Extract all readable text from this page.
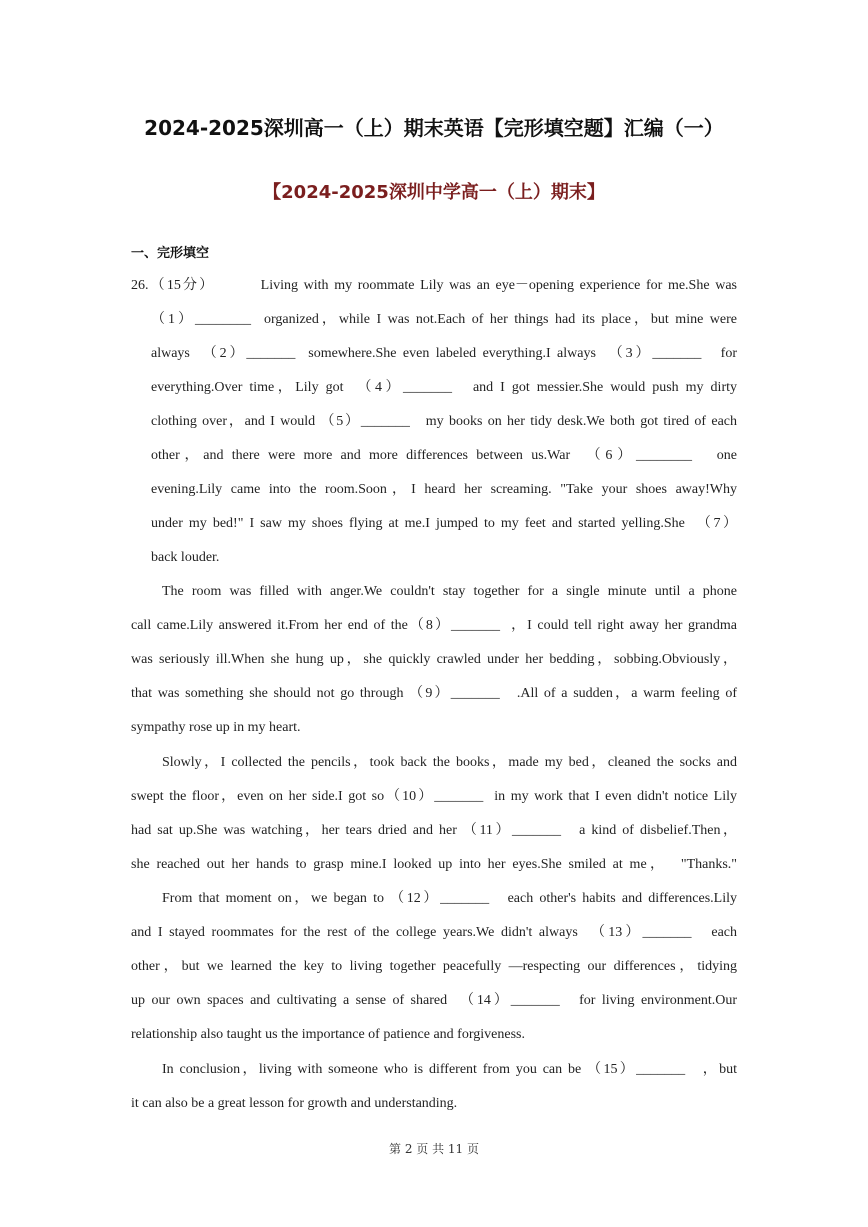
2024-2025深圳高一（上）期末英语【完形填空题】汇编（一）
【2024-2025深圳中学高一（上）期末】
一、完形填空
26.（15分）        Living with my roommate Lily was an eye－opening experience for me.She was
（1）________  organized，while I was not.Each of her things had its place，but mine were
always  （2）_______  somewhere.She even labeled everything.I always  （3）_______   for
everything.Over time，Lily got  （4）_______   and I got messier.She would push my dirty
clothing over，and I would （5）_______   my books on her tidy desk.We both got tired of each
other，and there were more and more differences between us.War  （6）________   one
evening.Lily came into the room.Soon，I heard her screaming. "Take your shoes away!Why
under my bed!" I saw my shoes flying at me.I jumped to my feet and started yelling.She  （7）
back louder.
The room was filled with anger.We couldn't stay together for a single minute until a phone
call came.Lily answered it.From her end of the（8）_______  ，I could tell right away her grandma
was seriously ill.When she hung up，she quickly crawled under her bedding，sobbing.Obviously，
that was something she should not go through （9）_______   .All of a sudden，a warm feeling of
sympathy rose up in my heart.
Slowly，I collected the pencils，took back the books，made my bed，cleaned the socks and
swept the floor，even on her side.I got so（10）_______  in my work that I even didn't notice Lily
had sat up.She was watching，her tears dried and her （11）_______   a kind of disbelief.Then，
she reached out her hands to grasp mine.I looked up into her eyes.She smiled at me，  "Thanks."
From that moment on，we began to （12）_______   each other's habits and differences.Lily
and I stayed roommates for the rest of the college years.We didn't always  （13）_______   each
other，but we learned the key to living together peacefully —respecting our differences，tidying
up our own spaces and cultivating a sense of shared  （14）_______   for living environment.Our
relationship also taught us the importance of patience and forgiveness.
In conclusion，living with someone who is different from you can be （15）_______   ，but
it can also be a great lesson for growth and understanding.
第 2 页 共 11 页
